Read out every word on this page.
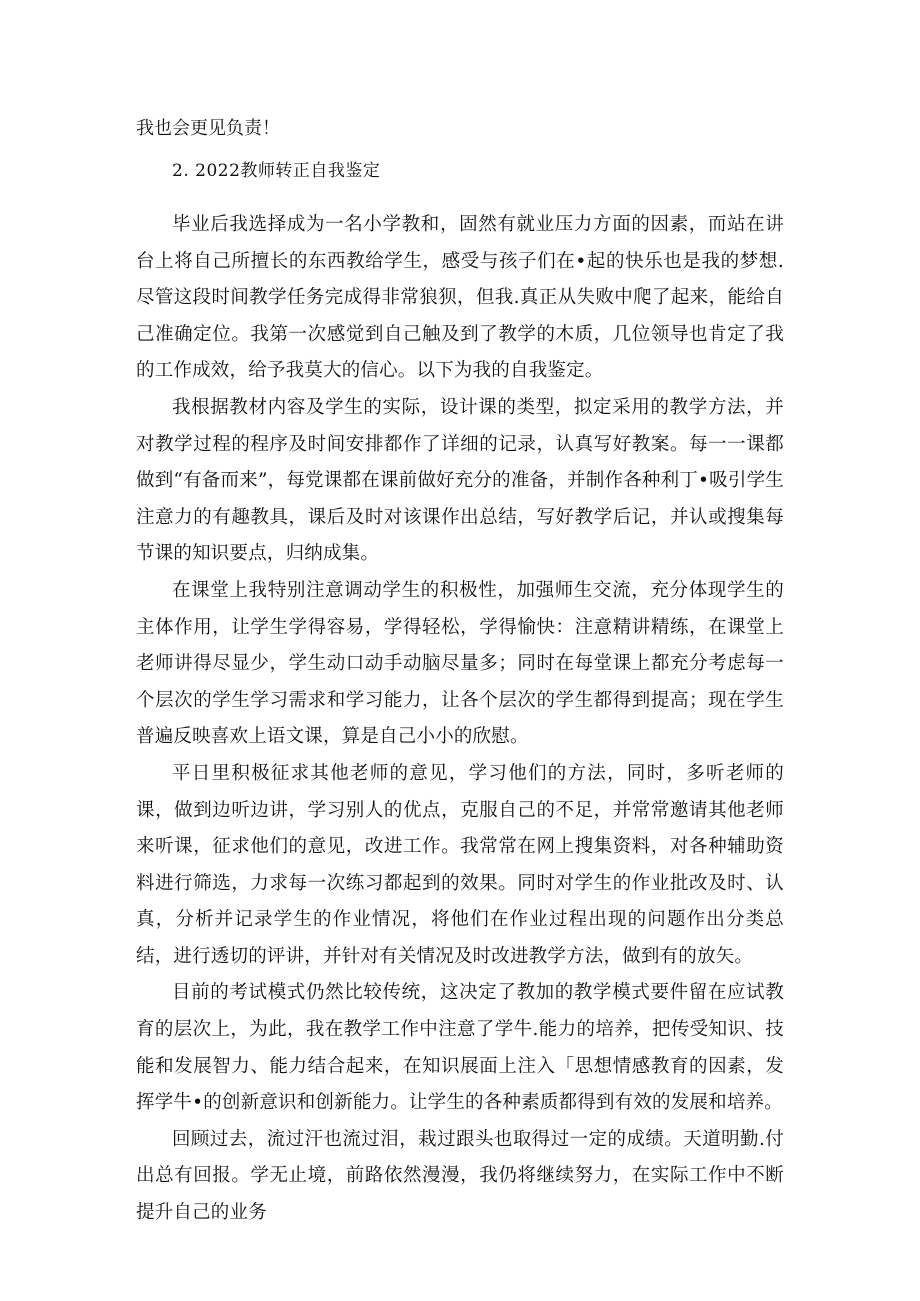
我也会更见负责！

2. 2022教师转正自我鉴定

毕业后我选择成为一名小学教和，固然有就业压力方面的因素，而站在讲台上将自己所擅长的东西教给学生，感受与孩子们在•起的快乐也是我的梦想.尽管这段时间教学任务完成得非常狼狈，但我.真正从失败中爬了起来，能给自己准确定位。我第一次感觉到自己触及到了教学的木质，几位领导也肯定了我的工作成效，给予我莫大的信心。以下为我的自我鉴定。

我根据教材内容及学生的实际，设计课的类型，拟定采用的教学方法，并对教学过程的程序及时间安排都作了详细的记录，认真写好教案。每一一课都做到“有备而来”，每党课都在课前做好充分的准备，并制作各种利丁•吸引学生注意力的有趣教具，课后及时对该课作出总结，写好教学后记，并认或搜集每节课的知识要点，归纳成集。

在课堂上我特别注意调动学生的积极性，加强师生交流，充分体现学生的主体作用，让学生学得容易，学得轻松，学得愉快：注意精讲精练，在课堂上老师讲得尽显少，学生动口动手动脑尽量多；同时在每堂课上都充分考虑每一个层次的学生学习需求和学习能力，让各个层次的学生都得到提高；现在学生普遍反映喜欢上语文课，算是自己小小的欣慰。

平日里积极征求其他老师的意见，学习他们的方法，同时，多听老师的课，做到边听边讲，学习别人的优点，克服自己的不足，并常常邀请其他老师来听课，征求他们的意见，改进工作。我常常在网上搜集资料，对各种辅助资料进行筛选，力求每一次练习都起到的效果。同时对学生的作业批改及时、认真，分析并记录学生的作业情况，将他们在作业过程出现的问题作出分类总结，进行透切的评讲，并针对有关情况及时改进教学方法，做到有的放矢。

目前的考试模式仍然比较传统，这决定了教加的教学模式要件留在应试教育的层次上，为此，我在教学工作中注意了学牛.能力的培养，把传受知识、技能和发展智力、能力结合起来，在知识展面上注入「思想情感教育的因素，发挥学牛•的创新意识和创新能力。让学生的各种素质都得到有效的发展和培养。

回顾过去，流过汗也流过泪，栽过跟头也取得过一定的成绩。天道明勤.付出总有回报。学无止境，前路依然漫漫，我仍将继续努力，在实际工作中不断提升自己的业务
